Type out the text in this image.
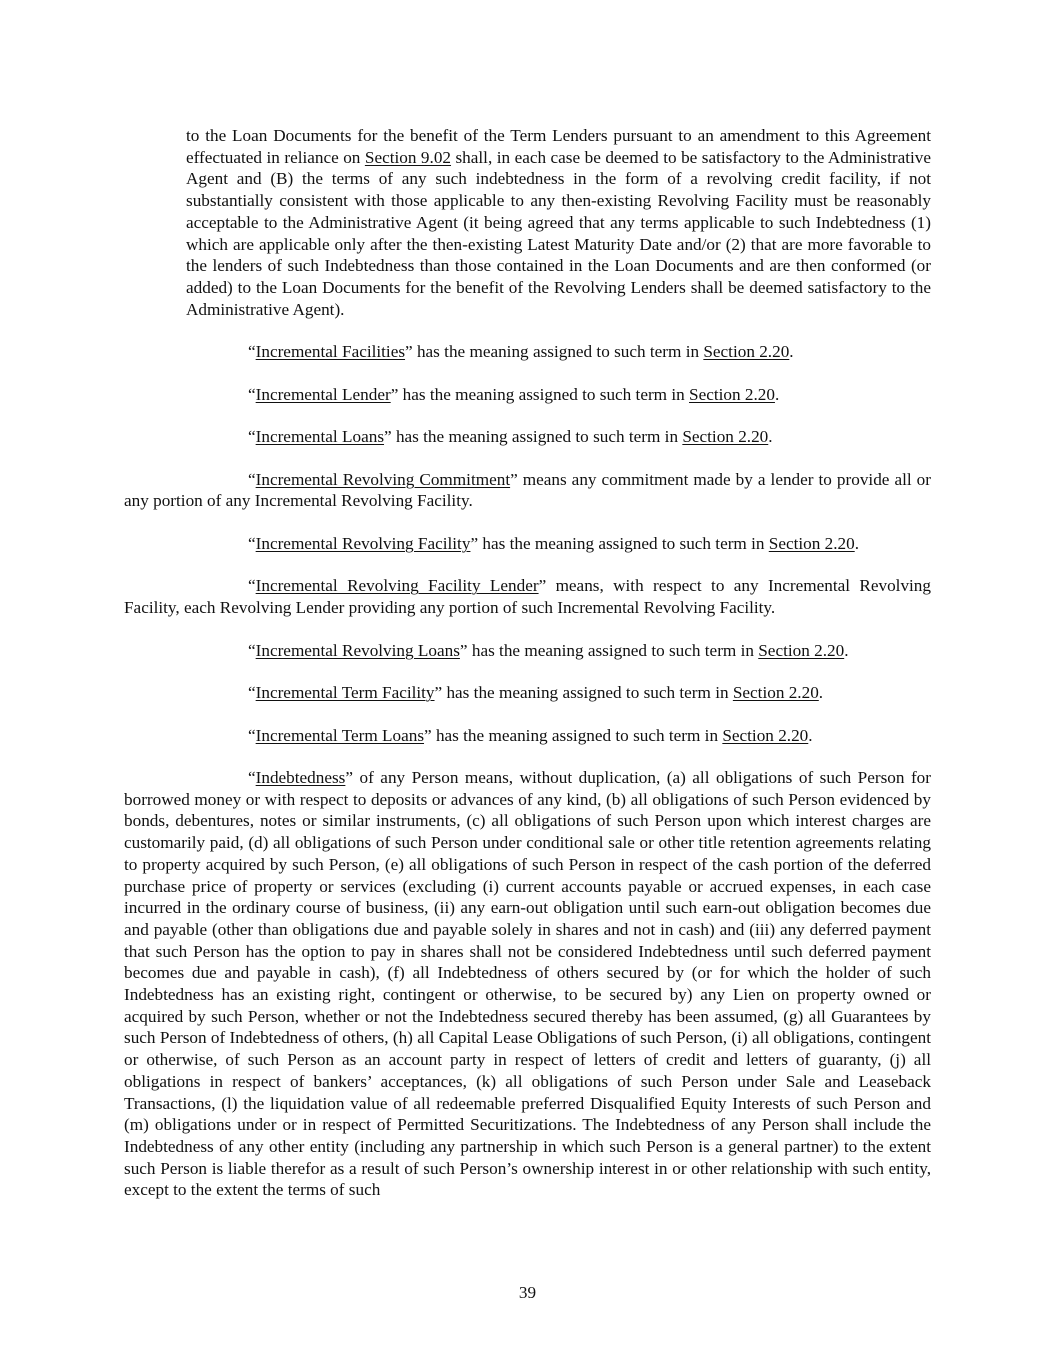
to the Loan Documents for the benefit of the Term Lenders pursuant to an amendment to this Agreement effectuated in reliance on Section 9.02 shall, in each case be deemed to be satisfactory to the Administrative Agent and (B) the terms of any such indebtedness in the form of a revolving credit facility, if not substantially consistent with those applicable to any then-existing Revolving Facility must be reasonably acceptable to the Administrative Agent (it being agreed that any terms applicable to such Indebtedness (1) which are applicable only after the then-existing Latest Maturity Date and/or (2) that are more favorable to the lenders of such Indebtedness than those contained in the Loan Documents and are then conformed (or added) to the Loan Documents for the benefit of the Revolving Lenders shall be deemed satisfactory to the Administrative Agent).

“Incremental Facilities” has the meaning assigned to such term in Section 2.20.

“Incremental Lender” has the meaning assigned to such term in Section 2.20.

“Incremental Loans” has the meaning assigned to such term in Section 2.20.

“Incremental Revolving Commitment” means any commitment made by a lender to provide all or any portion of any Incremental Revolving Facility.

“Incremental Revolving Facility” has the meaning assigned to such term in Section 2.20.

“Incremental Revolving Facility Lender” means, with respect to any Incremental Revolving Facility, each Revolving Lender providing any portion of such Incremental Revolving Facility.

“Incremental Revolving Loans” has the meaning assigned to such term in Section 2.20.

“Incremental Term Facility” has the meaning assigned to such term in Section 2.20.

“Incremental Term Loans” has the meaning assigned to such term in Section 2.20.

“Indebtedness” of any Person means, without duplication, (a) all obligations of such Person for borrowed money or with respect to deposits or advances of any kind, (b) all obligations of such Person evidenced by bonds, debentures, notes or similar instruments, (c) all obligations of such Person upon which interest charges are customarily paid, (d) all obligations of such Person under conditional sale or other title retention agreements relating to property acquired by such Person, (e) all obligations of such Person in respect of the cash portion of the deferred purchase price of property or services (excluding (i) current accounts payable or accrued expenses, in each case incurred in the ordinary course of business, (ii) any earn-out obligation until such earn-out obligation becomes due and payable (other than obligations due and payable solely in shares and not in cash) and (iii) any deferred payment that such Person has the option to pay in shares shall not be considered Indebtedness until such deferred payment becomes due and payable in cash), (f) all Indebtedness of others secured by (or for which the holder of such Indebtedness has an existing right, contingent or otherwise, to be secured by) any Lien on property owned or acquired by such Person, whether or not the Indebtedness secured thereby has been assumed, (g) all Guarantees by such Person of Indebtedness of others, (h) all Capital Lease Obligations of such Person, (i) all obligations, contingent or otherwise, of such Person as an account party in respect of letters of credit and letters of guaranty, (j) all obligations in respect of bankers’ acceptances, (k) all obligations of such Person under Sale and Leaseback Transactions, (l) the liquidation value of all redeemable preferred Disqualified Equity Interests of such Person and (m) obligations under or in respect of Permitted Securitizations. The Indebtedness of any Person shall include the Indebtedness of any other entity (including any partnership in which such Person is a general partner) to the extent such Person is liable therefor as a result of such Person’s ownership interest in or other relationship with such entity, except to the extent the terms of such

39
